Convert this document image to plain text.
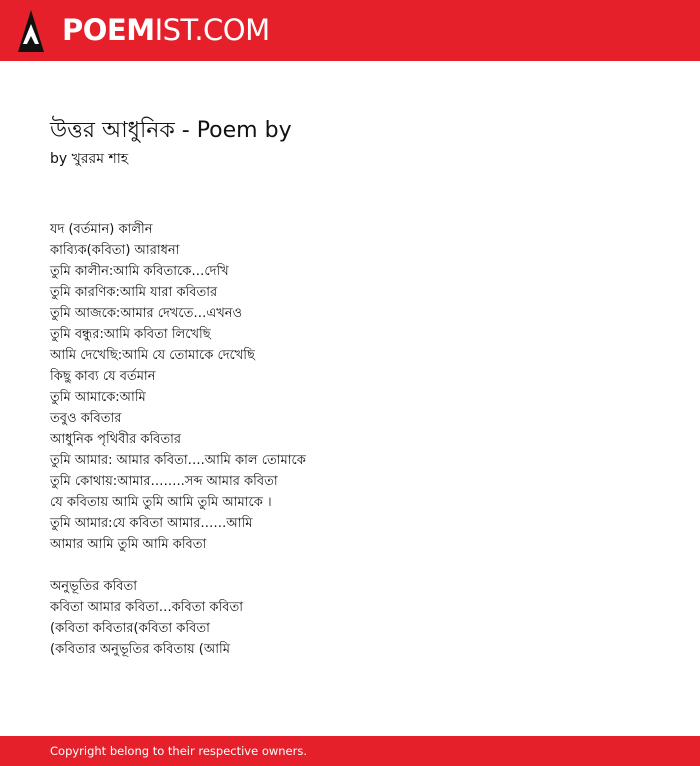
POEMIST.COM
উত্তর আধুনিক - Poem by
by খুররম শাহ
যদ (বর্তমান) কালীন
কাব্যিক(কবিতা) আরাধনা
তুমি কালীন:আমি কবিতাকে…দেখি
তুমি কারণিক:আমি যারা কবিতার
তুমি আজকে:আমার দেখতে…এখনও
তুমি বন্ধুর:আমি কবিতা লিখেছি
আমি দেখেছি:আমি যে তোমাকে দেখেছি
কিছু কাব্য যে বর্তমান
তুমি আমাকে:আমি
তবুও কবিতার
আধুনিক পৃথিবীর কবিতার
তুমি আমার: আমার কবিতা….আমি কাল তোমাকে
তুমি কোথায়:আমার……..সব্দ আমার কবিতা
যে কবিতায় আমি তুমি আমি তুমি আমাকে ।
তুমি আমার:যে কবিতা আমার……আমি
আমার আমি তুমি আমি কবিতা
অনুভূতির কবিতা
কবিতা আমার কবিতা…কবিতা কবিতা
(কবিতা কবিতার(কবিতা কবিতা
(কবিতার অনুভূতির কবিতায় (আমি
Copyright belong to their respective owners.
